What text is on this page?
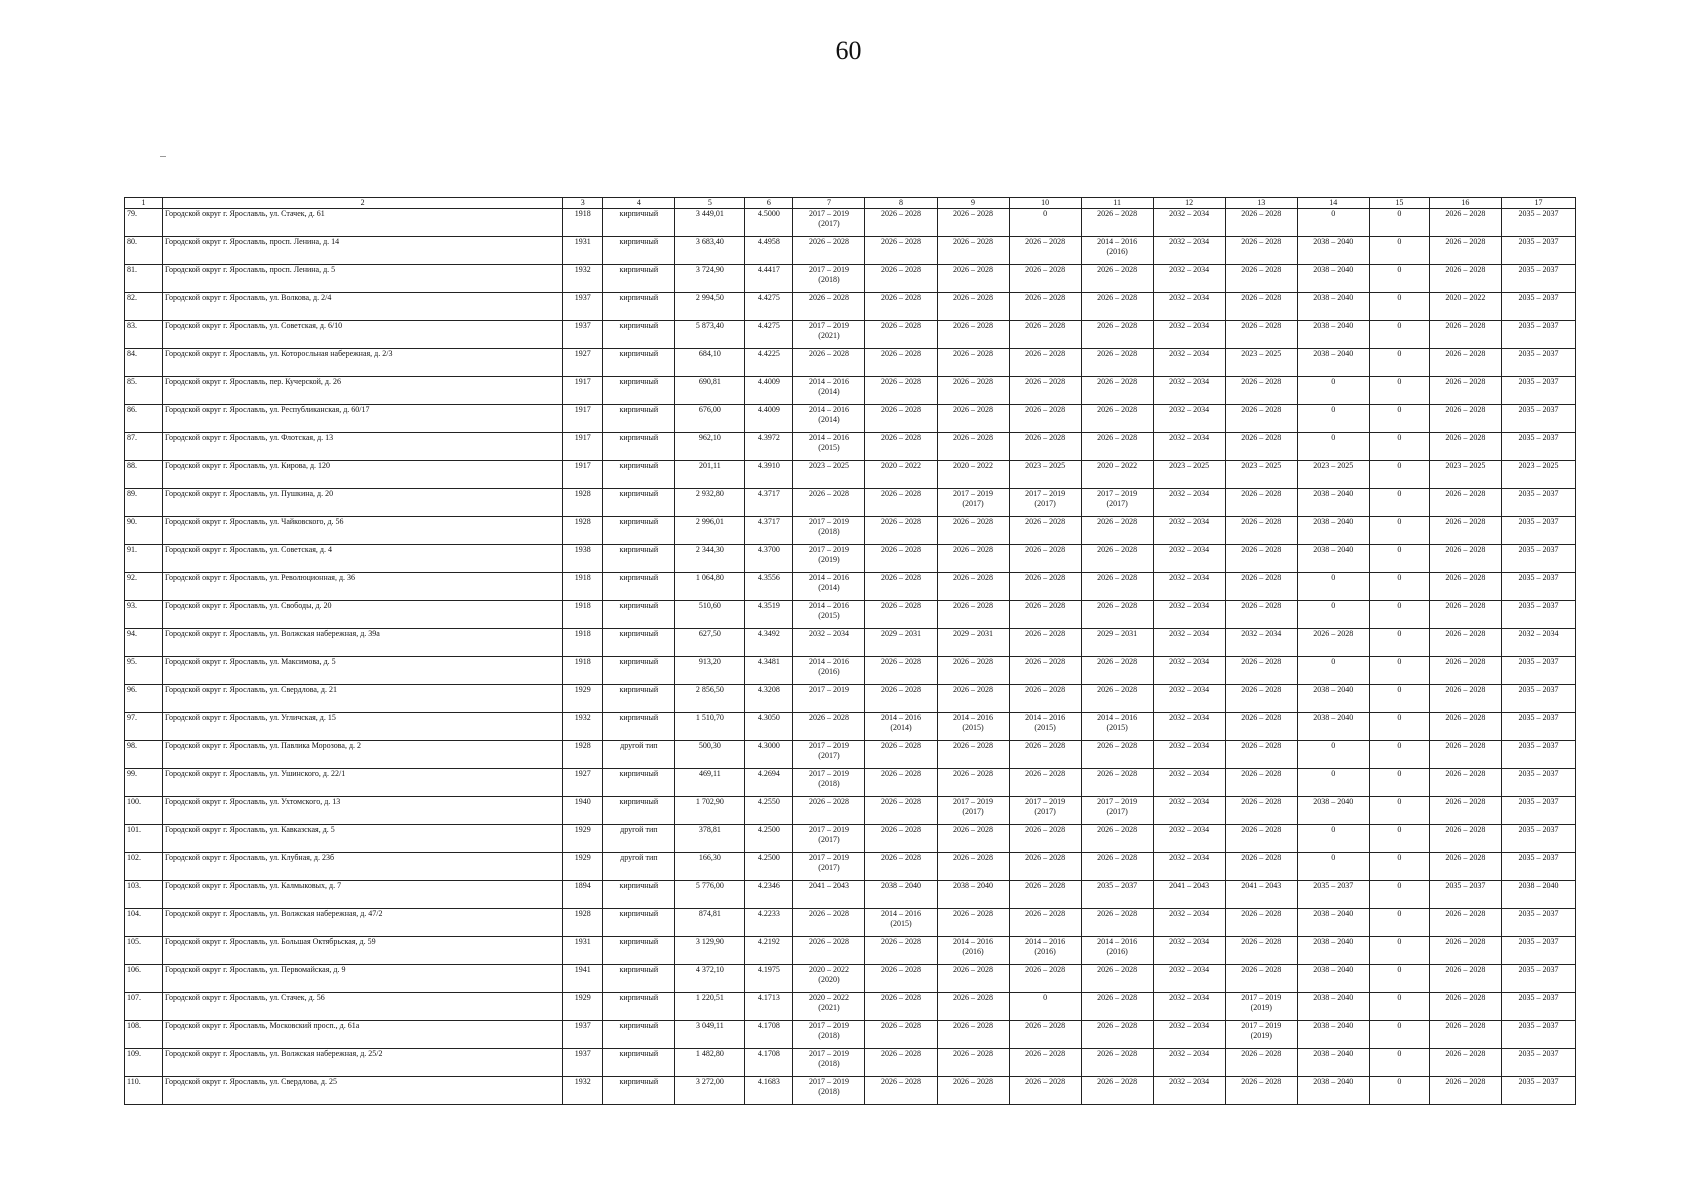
60
1	2	3	4	5	6	7	8	9	10	11	12	13	14	15	16	17

79.	Городской округ г. Ярославль, ул. Стачек, д. 61	1918	кирпичный	3 449,01	4.5000	2017 – 2019
(2017)	2026 – 2028	2026 – 2028	0	2026 – 2028	2032 – 2034	2026 – 2028	0	0	2026 – 2028	2035 – 2037

80.	Городской округ г. Ярославль, просп. Ленина, д. 14	1931	кирпичный	3 683,40	4.4958	2026 – 2028	2026 – 2028	2026 – 2028	2026 – 2028	2014 – 2016
(2016)	2032 – 2034	2026 – 2028	2038 – 2040	0	2026 – 2028	2035 – 2037

81.	Городской округ г. Ярославль, просп. Ленина, д. 5	1932	кирпичный	3 724,90	4.4417	2017 – 2019
(2018)	2026 – 2028	2026 – 2028	2026 – 2028	2026 – 2028	2032 – 2034	2026 – 2028	2038 – 2040	0	2026 – 2028	2035 – 2037

82.	Городской округ г. Ярославль, ул. Волкова, д. 2/4	1937	кирпичный	2 994,50	4.4275	2026 – 2028	2026 – 2028	2026 – 2028	2026 – 2028	2026 – 2028	2032 – 2034	2026 – 2028	2038 – 2040	0	2020 – 2022	2035 – 2037

83.	Городской округ г. Ярославль, ул. Советская, д. 6/10	1937	кирпичный	5 873,40	4.4275	2017 – 2019
(2021)	2026 – 2028	2026 – 2028	2026 – 2028	2026 – 2028	2032 – 2034	2026 – 2028	2038 – 2040	0	2026 – 2028	2035 – 2037

84.	Городской округ г. Ярославль, ул. Которосльная набережная, д. 2/3	1927	кирпичный	684,10	4.4225	2026 – 2028	2026 – 2028	2026 – 2028	2026 – 2028	2026 – 2028	2032 – 2034	2023 – 2025	2038 – 2040	0	2026 – 2028	2035 – 2037

85.	Городской округ г. Ярославль, пер. Кучерской, д. 26	1917	кирпичный	690,81	4.4009	2014 – 2016
(2014)	2026 – 2028	2026 – 2028	2026 – 2028	2026 – 2028	2032 – 2034	2026 – 2028	0	0	2026 – 2028	2035 – 2037

86.	Городской округ г. Ярославль, ул. Республиканская, д. 60/17	1917	кирпичный	676,00	4.4009	2014 – 2016
(2014)	2026 – 2028	2026 – 2028	2026 – 2028	2026 – 2028	2032 – 2034	2026 – 2028	0	0	2026 – 2028	2035 – 2037

87.	Городской округ г. Ярославль, ул. Флотская, д. 13	1917	кирпичный	962,10	4.3972	2014 – 2016
(2015)	2026 – 2028	2026 – 2028	2026 – 2028	2026 – 2028	2032 – 2034	2026 – 2028	0	0	2026 – 2028	2035 – 2037

88.	Городской округ г. Ярославль, ул. Кирова, д. 120	1917	кирпичный	201,11	4.3910	2023 – 2025	2020 – 2022	2020 – 2022	2023 – 2025	2020 – 2022	2023 – 2025	2023 – 2025	2023 – 2025	0	2023 – 2025	2023 – 2025

89.	Городской округ г. Ярославль, ул. Пушкина, д. 20	1928	кирпичный	2 932,80	4.3717	2026 – 2028	2026 – 2028	2017 – 2019
(2017)	2017 – 2019
(2017)	2017 – 2019
(2017)	2032 – 2034	2026 – 2028	2038 – 2040	0	2026 – 2028	2035 – 2037

90.	Городской округ г. Ярославль, ул. Чайковского, д. 56	1928	кирпичный	2 996,01	4.3717	2017 – 2019
(2018)	2026 – 2028	2026 – 2028	2026 – 2028	2026 – 2028	2032 – 2034	2026 – 2028	2038 – 2040	0	2026 – 2028	2035 – 2037

91.	Городской округ г. Ярославль, ул. Советская, д. 4	1938	кирпичный	2 344,30	4.3700	2017 – 2019
(2019)	2026 – 2028	2026 – 2028	2026 – 2028	2026 – 2028	2032 – 2034	2026 – 2028	2038 – 2040	0	2026 – 2028	2035 – 2037

92.	Городской округ г. Ярославль, ул. Революционная, д. 36	1918	кирпичный	1 064,80	4.3556	2014 – 2016
(2014)	2026 – 2028	2026 – 2028	2026 – 2028	2026 – 2028	2032 – 2034	2026 – 2028	0	0	2026 – 2028	2035 – 2037

93.	Городской округ г. Ярославль, ул. Свободы, д. 20	1918	кирпичный	510,60	4.3519	2014 – 2016
(2015)	2026 – 2028	2026 – 2028	2026 – 2028	2026 – 2028	2032 – 2034	2026 – 2028	0	0	2026 – 2028	2035 – 2037

94.	Городской округ г. Ярославль, ул. Волжская набережная, д. 39а	1918	кирпичный	627,50	4.3492	2032 – 2034	2029 – 2031	2029 – 2031	2026 – 2028	2029 – 2031	2032 – 2034	2032 – 2034	2026 – 2028	0	2026 – 2028	2032 – 2034

95.	Городской округ г. Ярославль, ул. Максимова, д. 5	1918	кирпичный	913,20	4.3481	2014 – 2016
(2016)	2026 – 2028	2026 – 2028	2026 – 2028	2026 – 2028	2032 – 2034	2026 – 2028	0	0	2026 – 2028	2035 – 2037

96.	Городской округ г. Ярославль, ул. Свердлова, д. 21	1929	кирпичный	2 856,50	4.3208	2017 – 2019	2026 – 2028	2026 – 2028	2026 – 2028	2026 – 2028	2032 – 2034	2026 – 2028	2038 – 2040	0	2026 – 2028	2035 – 2037

97.	Городской округ г. Ярославль, ул. Угличская, д. 15	1932	кирпичный	1 510,70	4.3050	2026 – 2028	2014 – 2016
(2014)	2014 – 2016
(2015)	2014 – 2016
(2015)	2014 – 2016
(2015)	2032 – 2034	2026 – 2028	2038 – 2040	0	2026 – 2028	2035 – 2037

98.	Городской округ г. Ярославль, ул. Павлика Морозова, д. 2	1928	другой тип	500,30	4.3000	2017 – 2019
(2017)	2026 – 2028	2026 – 2028	2026 – 2028	2026 – 2028	2032 – 2034	2026 – 2028	0	0	2026 – 2028	2035 – 2037

99.	Городской округ г. Ярославль, ул. Ушинского, д. 22/1	1927	кирпичный	469,11	4.2694	2017 – 2019
(2018)	2026 – 2028	2026 – 2028	2026 – 2028	2026 – 2028	2032 – 2034	2026 – 2028	0	0	2026 – 2028	2035 – 2037

100.	Городской округ г. Ярославль, ул. Ухтомского, д. 13	1940	кирпичный	1 702,90	4.2550	2026 – 2028	2026 – 2028	2017 – 2019
(2017)	2017 – 2019
(2017)	2017 – 2019
(2017)	2032 – 2034	2026 – 2028	2038 – 2040	0	2026 – 2028	2035 – 2037

101.	Городской округ г. Ярославль, ул. Кавказская, д. 5	1929	другой тип	378,81	4.2500	2017 – 2019
(2017)	2026 – 2028	2026 – 2028	2026 – 2028	2026 – 2028	2032 – 2034	2026 – 2028	0	0	2026 – 2028	2035 – 2037

102.	Городской округ г. Ярославль, ул. Клубная, д. 23б	1929	другой тип	166,30	4.2500	2017 – 2019
(2017)	2026 – 2028	2026 – 2028	2026 – 2028	2026 – 2028	2032 – 2034	2026 – 2028	0	0	2026 – 2028	2035 – 2037

103.	Городской округ г. Ярославль, ул. Калмыковых, д. 7	1894	кирпичный	5 776,00	4.2346	2041 – 2043	2038 – 2040	2038 – 2040	2026 – 2028	2035 – 2037	2041 – 2043	2041 – 2043	2035 – 2037	0	2035 – 2037	2038 – 2040

104.	Городской округ г. Ярославль, ул. Волжская набережная, д. 47/2	1928	кирпичный	874,81	4.2233	2026 – 2028	2014 – 2016
(2015)	2026 – 2028	2026 – 2028	2026 – 2028	2032 – 2034	2026 – 2028	2038 – 2040	0	2026 – 2028	2035 – 2037

105.	Городской округ г. Ярославль, ул. Большая Октябрьская, д. 59	1931	кирпичный	3 129,90	4.2192	2026 – 2028	2026 – 2028	2014 – 2016
(2016)	2014 – 2016
(2016)	2014 – 2016
(2016)	2032 – 2034	2026 – 2028	2038 – 2040	0	2026 – 2028	2035 – 2037

106.	Городской округ г. Ярославль, ул. Первомайская, д. 9	1941	кирпичный	4 372,10	4.1975	2020 – 2022
(2020)	2026 – 2028	2026 – 2028	2026 – 2028	2026 – 2028	2032 – 2034	2026 – 2028	2038 – 2040	0	2026 – 2028	2035 – 2037

107.	Городской округ г. Ярославль, ул. Стачек, д. 56	1929	кирпичный	1 220,51	4.1713	2020 – 2022
(2021)	2026 – 2028	2026 – 2028	0	2026 – 2028	2032 – 2034	2017 – 2019
(2019)	2038 – 2040	0	2026 – 2028	2035 – 2037

108.	Городской округ г. Ярославль, Московский просп., д. 61а	1937	кирпичный	3 049,11	4.1708	2017 – 2019
(2018)	2026 – 2028	2026 – 2028	2026 – 2028	2026 – 2028	2032 – 2034	2017 – 2019
(2019)	2038 – 2040	0	2026 – 2028	2035 – 2037

109.	Городской округ г. Ярославль, ул. Волжская набережная, д. 25/2	1937	кирпичный	1 482,80	4.1708	2017 – 2019
(2018)	2026 – 2028	2026 – 2028	2026 – 2028	2026 – 2028	2032 – 2034	2026 – 2028	2038 – 2040	0	2026 – 2028	2035 – 2037

110.	Городской округ г. Ярославль, ул. Свердлова, д. 25	1932	кирпичный	3 272,00	4.1683	2017 – 2019
(2018)	2026 – 2028	2026 – 2028	2026 – 2028	2026 – 2028	2032 – 2034	2026 – 2028	2038 – 2040	0	2026 – 2028	2035 – 2037
